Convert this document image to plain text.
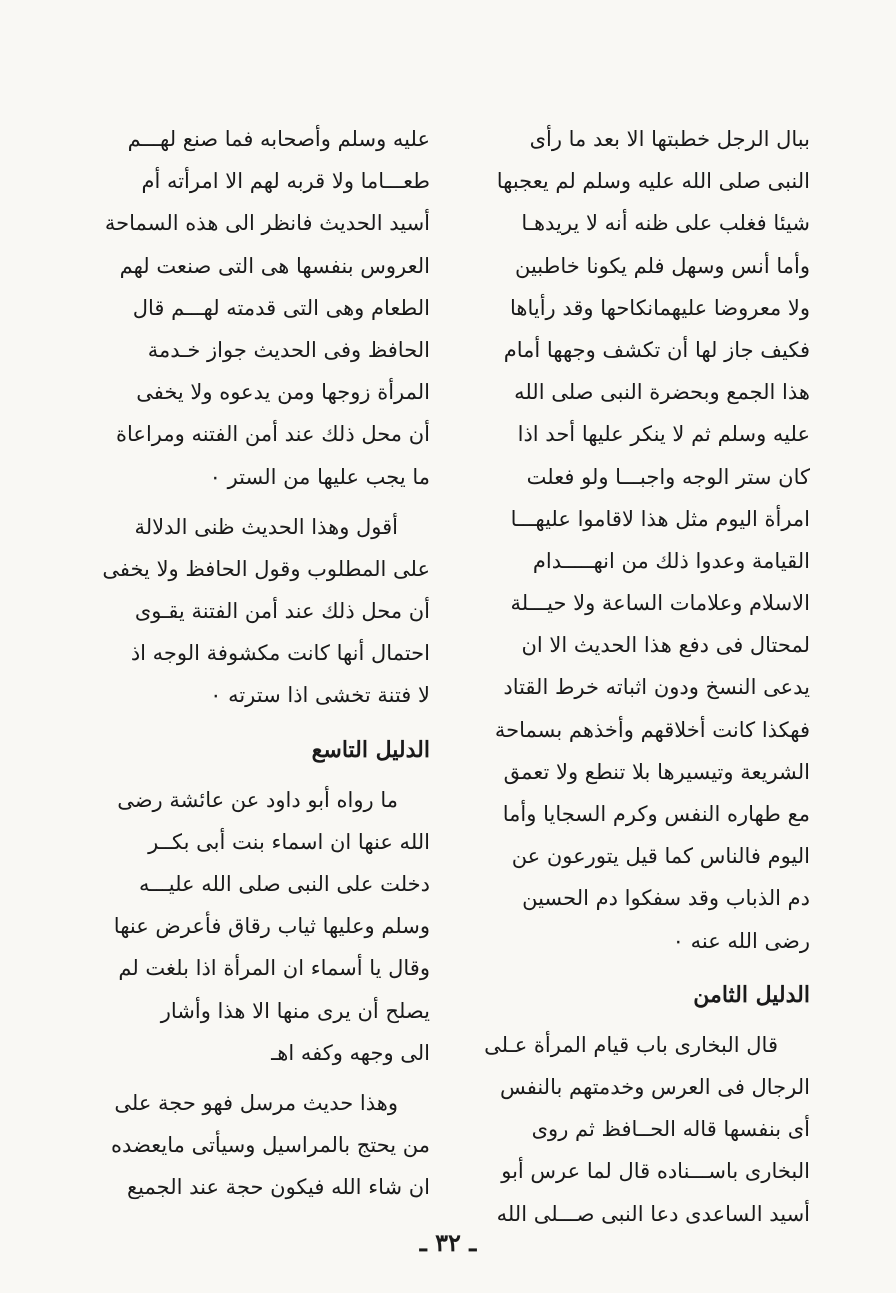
ببال الرجل خطبتها الا بعد ما رأى
النبى صلى الله عليه وسلم لم يعجبها
شيئا فغلب على ظنه أنه لا يريدهـا
وأما أنس وسهل فلم يكونا خاطبين
ولا معروضا عليهمانكاحها وقد رأياها
فكيف جاز لها أن تكشف وجهها أمام
هذا الجمع وبحضرة النبى صلى الله
عليه وسلم ثم لا ينكر عليها أحد اذا
كان ستر الوجه واجبـــا ولو فعلت
امرأة اليوم مثل هذا لاقاموا عليهـــا
القيامة وعدوا ذلك من انهـــــدام
الاسلام وعلامات الساعة ولا حيـــلة
لمحتال فى دفع هذا الحديث الا ان
يدعى النسخ ودون اثباته خرط القتاد
فهكذا كانت أخلاقهم وأخذهم بسماحة
الشريعة وتيسيرها بلا تنطع ولا تعمق
مع طهاره النفس وكرم السجايا وأما
اليوم فالناس كما قيل يتورعون عن
دم الذباب وقد سفكوا دم الحسين
رضى الله عنه ٠
الدليل الثامن
قال البخارى باب قيام المرأة عـلى
الرجال فى العرس وخدمتهم بالنفس
أى بنفسها قاله الحــافظ ثم روى
البخارى باســـناده قال لما عرس أبو
أسيد الساعدى دعا النبى صـــلى الله
عليه وسلم وأصحابه فما صنع لهـــم
طعـــاما ولا قربه لهم الا امرأته أم
أسيد الحديث فانظر الى هذه السماحة
العروس بنفسها هى التى صنعت لهم
الطعام وهى التى قدمته لهـــم قال
الحافظ وفى الحديث جواز خـدمة
المرأة زوجها ومن يدعوه ولا يخفى
أن محل ذلك عند أمن الفتنه ومراعاة
ما يجب عليها من الستر ٠
أقول وهذا الحديث ظنى الدلالة
على المطلوب وقول الحافظ ولا يخفى
أن محل ذلك عند أمن الفتنة يقـوى
احتمال أنها كانت مكشوفة الوجه اذ
لا فتنة تخشى اذا سترته ٠
الدليل التاسع
ما رواه أبو داود عن عائشة رضى
الله عنها ان اسماء بنت أبى بكــر
دخلت على النبى صلى الله عليـــه
وسلم وعليها ثياب رقاق فأعرض عنها
وقال يا أسماء ان المرأة اذا بلغت لم
يصلح أن يرى منها الا هذا وأشار
الى وجهه وكفه اهـ
وهذا حديث مرسل فهو حجة على
من يحتج بالمراسيل وسيأتى مايعضده
ان شاء الله فيكون حجة عند الجميع
ـ ٣٢ ـ
